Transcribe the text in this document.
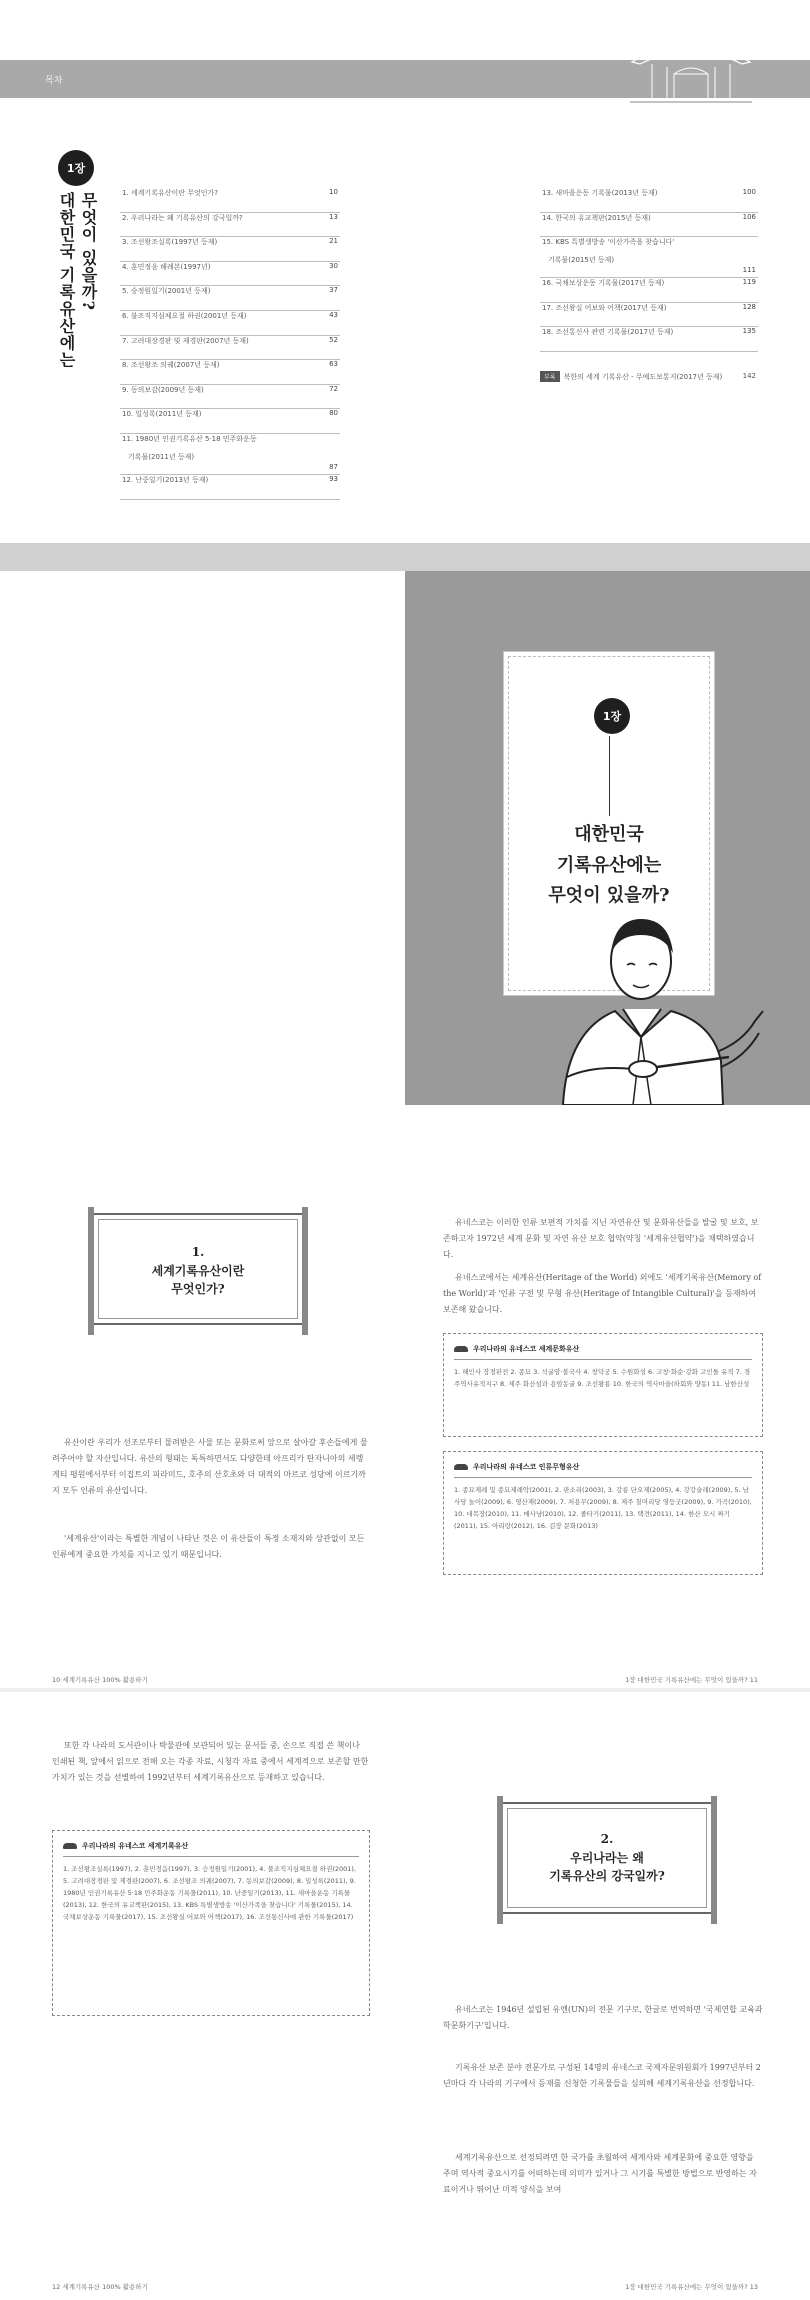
목차
1장
무엇이 있을까?
대한민국 기록유산에는	1. 세계기록유산이란 무엇인가?	10
2. 우리나라는 왜 기록유산의 강국일까?	13
3. 조선왕조실록(1997년 등재)	21
4. 훈민정음 해례본(1997년)	30
5. 승정원일기(2001년 등재)	37
6. 불조직지심체요절 하권(2001년 등재)	43
7. 고려대장경판 및 제경판(2007년 등재)	52
8. 조선왕조 의궤(2007년 등재)	63
9. 동의보감(2009년 등재)	72
10. 일성록(2011년 등재)	80
11. 1980년 인권기록유산 5·18 민주화운동
기록물(2011년 등재)
87
12. 난중일기(2013년 등재)	93
13. 새마을운동 기록물(2013년 등재)	100
14. 한국의 유교책판(2015년 등재)	106
15. KBS 특별생방송 '이산가족을 찾습니다'
기록물(2015년 등재)
111
16. 국채보상운동 기록물(2017년 등재)	119
17. 조선왕실 어보와 어책(2017년 등재)	128
18. 조선통신사 관련 기록물(2017년 등재)	135
부록 북한의 세계 기록유산 - 무예도보통지(2017년 등재)	142
1장
대한민국
기록유산에는
무엇이 있을까?
1.
세계기록유산이란
무엇인가?

유산이란 우리가 선조로부터 물려받은 사물 또는 문화로써 앞으로 살아갈 후손들에게 물려주어야 할 자산입니다. 유산의 형태는 독특하면서도 다양한데 아프리카 탄자니아의 세렝게티 평원에서부터 이집트의 피라미드, 호주의 산호초와 더 대적의 마르코 성당에 이르기까지 모두 인류의 유산입니다.

'세계유산'이라는 특별한 개념이 나타난 것은 이 유산들이 특정 소재지와 상관없이 모든 인류에게 중요한 가치를 지니고 있기 때문입니다.

10 세계기록유산 100% 활용하기

유네스코는 이러한 인류 보편적 가치를 지닌 자연유산 및 문화유산들을 발굴 및 보호, 보존하고자 1972년 세계 문화 및 자연 유산 보호 협약(약칭 '세계유산협약')을 채택하였습니다.

유네스코에서는 세계유산(Heritage of the World) 외에도 '세계기록유산(Memory of the World)'과 '인류 구전 및 무형 유산(Heritage of Intangible Cultural)'을 등재하여 보존해 왔습니다.

우리나라의 유네스코 세계문화유산
1. 해인사 장경판전 2. 종묘 3. 석굴암·불국사 4. 창덕궁 5. 수원화성 6. 고창·화순·강화 고인돌 유적 7. 경주역사유적지구 8. 제주 화산섬과 용암동굴 9. 조선왕릉 10. 한국의 역사마을(하회와 양동) 11. 남한산성
우리나라의 유네스코 인류무형유산
1. 종묘제례 및 종묘제례악(2001), 2. 판소리(2003), 3. 강릉 단오제(2005), 4. 강강술래(2009), 5. 남사당 놀이(2009), 6. 영산재(2009), 7. 처용무(2009), 8. 제주 칠머리당 영등굿(2009), 9. 가곡(2010), 10. 대목장(2010), 11. 매사냥(2010), 12. 줄타기(2011), 13. 택견(2011), 14. 한산 모시 짜기(2011), 15. 아리랑(2012), 16. 김장 문화(2013)
1장 대한민국 기록유산에는 무엇이 있을까? 11

또한 각 나라의 도서관이나 박물관에 보관되어 있는 문서들 중, 손으로 직접 쓴 책이나 인쇄된 책, 앞에서 읽으로 전해 오는 각종 자료, 시청각 자료 중에서 세계적으로 보존할 만한 가치가 있는 것을 선별하여 1992년부터 세계기록유산으로 등재하고 있습니다.

우리나라의 유네스코 세계기록유산
1. 조선왕조실록(1997), 2. 훈민정음(1997), 3. 승정원일기(2001), 4. 불조직지심체요절 하권(2001), 5. 고려대장경판 및 제경판(2007), 6. 조선왕조 의궤(2007), 7. 동의보감(2009), 8. 일성록(2011), 9. 1980년 인권기록유산 5·18 민주화운동 기록물(2011), 10. 난중일기(2013), 11. 새마을운동 기록물(2013), 12. 한국의 유교책판(2015), 13. KBS 특별생방송 '이산가족을 찾습니다' 기록물(2015), 14. 국채보상운동 기록물(2017), 15. 조선왕실 어보와 어책(2017), 16. 조선통신사에 관한 기록물(2017)
12 세계기록유산 100% 활용하기
2.
우리나라는 왜
기록유산의 강국일까?

유네스코는 1946년 설립된 유엔(UN)의 전문 기구로, 한글로 번역하면 '국제연합 교육과학문화기구'입니다.

기록유산 보존 분야 전문가로 구성된 14명의 유네스코 국제자문위원회가 1997년부터 2년마다 각 나라의 기구에서 등재를 신청한 기록물들을 심의해 세계기록유산을 선정합니다.

세계기록유산으로 선정되려면 한 국가를 초월하여 세계사와 세계문화에 중요한 영향을 주며 역사적 중요시기를 어떠하는데 의미가 있거나 그 시기를 특별한 방법으로 반영하는 자료이거나 뛰어난 미적 양식을 보여

1장 대한민국 기록유산에는 무엇이 있을까? 13
